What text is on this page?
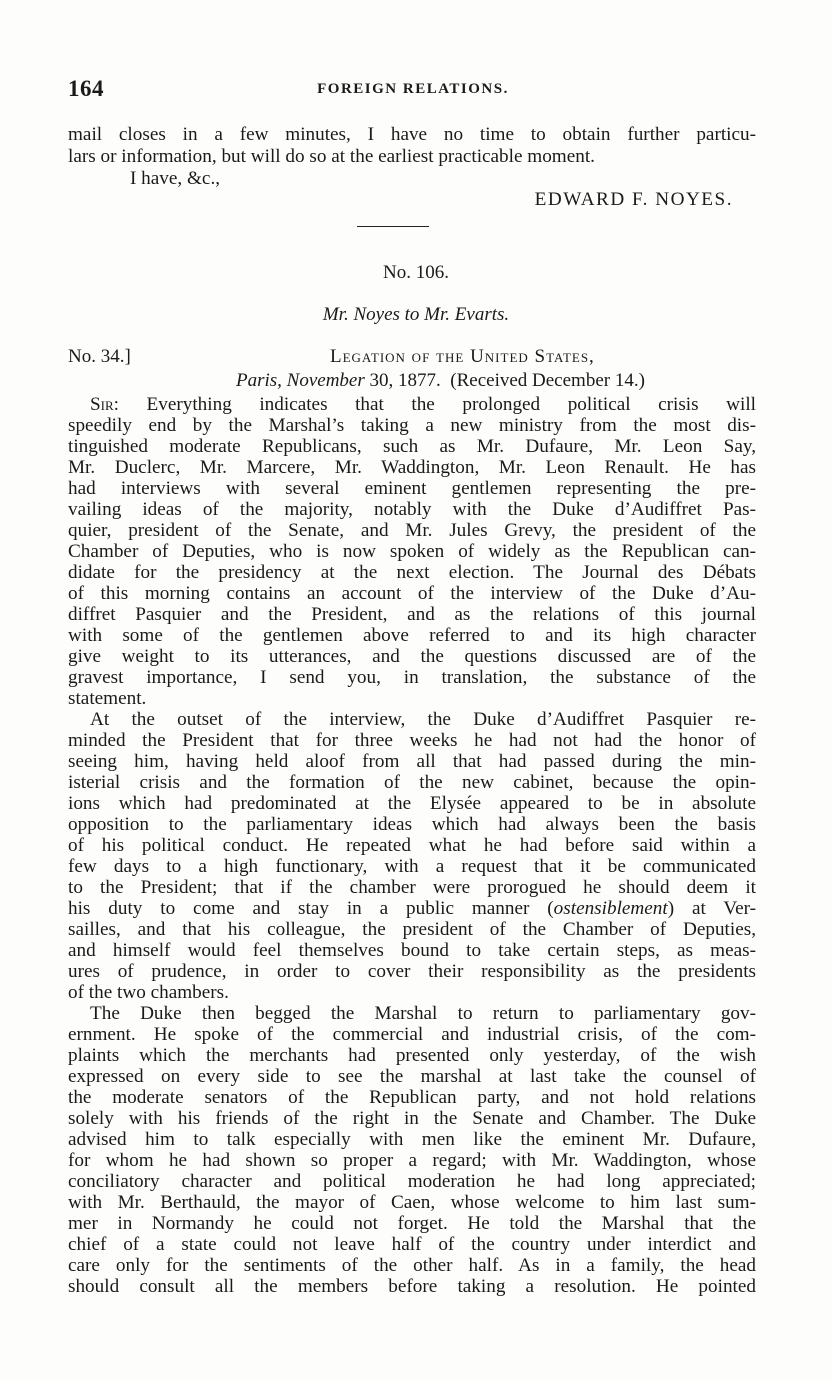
164	FOREIGN RELATIONS.
mail closes in a few minutes, I have no time to obtain further particu-
lars or information, but will do so at the earliest practicable moment.
I have, &c.,
EDWARD F. NOYES.
No. 106.
Mr. Noyes to Mr. Evarts.
No. 34.]	Legation of the United States,
Paris, November 30, 1877. (Received December 14.)
Sir: Everything indicates that the prolonged political crisis will
speedily end by the Marshal’s taking a new ministry from the most dis-
tinguished moderate Republicans, such as Mr. Dufaure, Mr. Leon Say,
Mr. Duclerc, Mr. Marcere, Mr. Waddington, Mr. Leon Renault. He has
had interviews with several eminent gentlemen representing the pre-
vailing ideas of the majority, notably with the Duke d’Audiffret Pas-
quier, president of the Senate, and Mr. Jules Grevy, the president of the
Chamber of Deputies, who is now spoken of widely as the Republican can-
didate for the presidency at the next election. The Journal des Débats
of this morning contains an account of the interview of the Duke d’Au-
diffret Pasquier and the President, and as the relations of this journal
with some of the gentlemen above referred to and its high character
give weight to its utterances, and the questions discussed are of the
gravest importance, I send you, in translation, the substance of the
statement.
At the outset of the interview, the Duke d’Audiffret Pasquier re-
minded the President that for three weeks he had not had the honor of
seeing him, having held aloof from all that had passed during the min-
isterial crisis and the formation of the new cabinet, because the opin-
ions which had predominated at the Elysée appeared to be in absolute
opposition to the parliamentary ideas which had always been the basis
of his political conduct. He repeated what he had before said within a
few days to a high functionary, with a request that it be communicated
to the President; that if the chamber were prorogued he should deem it
his duty to come and stay in a public manner (ostensiblement) at Ver-
sailles, and that his colleague, the president of the Chamber of Deputies,
and himself would feel themselves bound to take certain steps, as meas-
ures of prudence, in order to cover their responsibility as the presidents
of the two chambers.
The Duke then begged the Marshal to return to parliamentary gov-
ernment. He spoke of the commercial and industrial crisis, of the com-
plaints which the merchants had presented only yesterday, of the wish
expressed on every side to see the marshal at last take the counsel of
the moderate senators of the Republican party, and not hold relations
solely with his friends of the right in the Senate and Chamber. The Duke
advised him to talk especially with men like the eminent Mr. Dufaure,
for whom he had shown so proper a regard; with Mr. Waddington, whose
conciliatory character and political moderation he had long appreciated;
with Mr. Berthauld, the mayor of Caen, whose welcome to him last sum-
mer in Normandy he could not forget. He told the Marshal that the
chief of a state could not leave half of the country under interdict and
care only for the sentiments of the other half. As in a family, the head
should consult all the members before taking a resolution. He pointed
